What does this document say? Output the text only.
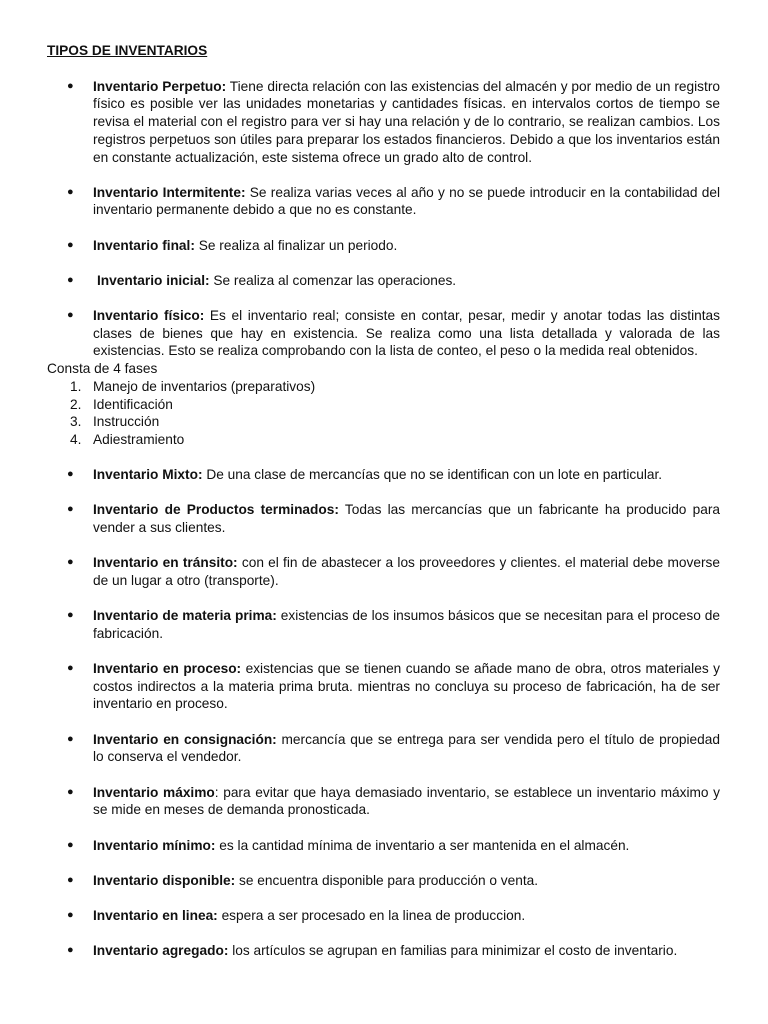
TIPOS DE INVENTARIOS
● Inventario Perpetuo: Tiene directa relación con las existencias del almacén y por medio de un registro físico es posible ver las unidades monetarias y cantidades físicas. en intervalos cortos de tiempo se revisa el material con el registro para ver si hay una relación y de lo contrario, se realizan cambios. Los registros perpetuos son útiles para preparar los estados financieros. Debido a que los inventarios están en constante actualización, este sistema ofrece un grado alto de control.
● Inventario Intermitente: Se realiza varias veces al año y no se puede introducir en la contabilidad del inventario permanente debido a que no es constante.
● Inventario final: Se realiza al finalizar un periodo.
● Inventario inicial: Se realiza al comenzar las operaciones.
● Inventario físico: Es el inventario real; consiste en contar, pesar, medir y anotar todas las distintas clases de bienes que hay en existencia. Se realiza como una lista detallada y valorada de las existencias. Esto se realiza comprobando con la lista de conteo, el peso o la medida real obtenidos.
Consta de 4 fases
1. Manejo de inventarios (preparativos)
2. Identificación
3. Instrucción
4. Adiestramiento
● Inventario Mixto: De una clase de mercancías que no se identifican con un lote en particular.
● Inventario de Productos terminados: Todas las mercancías que un fabricante ha producido para vender a sus clientes.
● Inventario en tránsito: con el fin de abastecer a los proveedores y clientes. el material debe moverse de un lugar a otro (transporte).
● Inventario de materia prima: existencias de los insumos básicos que se necesitan para el proceso de fabricación.
● Inventario en proceso: existencias que se tienen cuando se añade mano de obra, otros materiales y costos indirectos a la materia prima bruta. mientras no concluya su proceso de fabricación, ha de ser inventario en proceso.
● Inventario en consignación: mercancía que se entrega para ser vendida pero el título de propiedad lo conserva el vendedor.
● Inventario máximo: para evitar que haya demasiado inventario, se establece un inventario máximo y se mide en meses de demanda pronosticada.
● Inventario mínimo: es la cantidad mínima de inventario a ser mantenida en el almacén.
● Inventario disponible: se encuentra disponible para producción o venta.
● Inventario en linea: espera a ser procesado en la linea de produccion.
● Inventario agregado: los artículos se agrupan en familias para minimizar el costo de inventario.
